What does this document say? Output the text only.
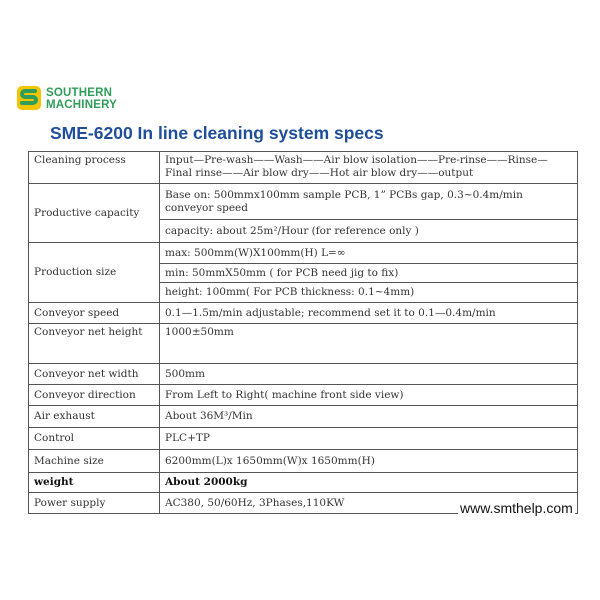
SOUTHERN
MACHINERY
SME-6200 In line cleaning system specs
Cleaning process	Input—Pre-wash——Wash——Air blow isolation——Pre-rinse——Rinse— Final rinse——Air blow dry——Hot air blow dry——output
Productive capacity	Base on: 500mmx100mm sample PCB, 1” PCBs gap, 0.3~0.4m/min conveyor speed
	capacity: about 25m²/Hour (for reference only )
Production size	max: 500mm(W)X100mm(H) L=∞
	min: 50mmX50mm ( for PCB need jig to fix)
	height: 100mm( For PCB thickness: 0.1~4mm)
Conveyor speed	0.1—1.5m/min adjustable; recommend set it to 0.1—0.4m/min
Conveyor net height	1000±50mm
Conveyor net width	500mm
Conveyor direction	From Left to Right( machine front side view)
Air exhaust	About 36M³/Min
Control	PLC+TP
Machine size	6200mm(L)x 1650mm(W)x 1650mm(H)
weight	About 2000kg
Power supply	AC380, 50/60Hz, 3Phases,110KW	www.smthelp.com
